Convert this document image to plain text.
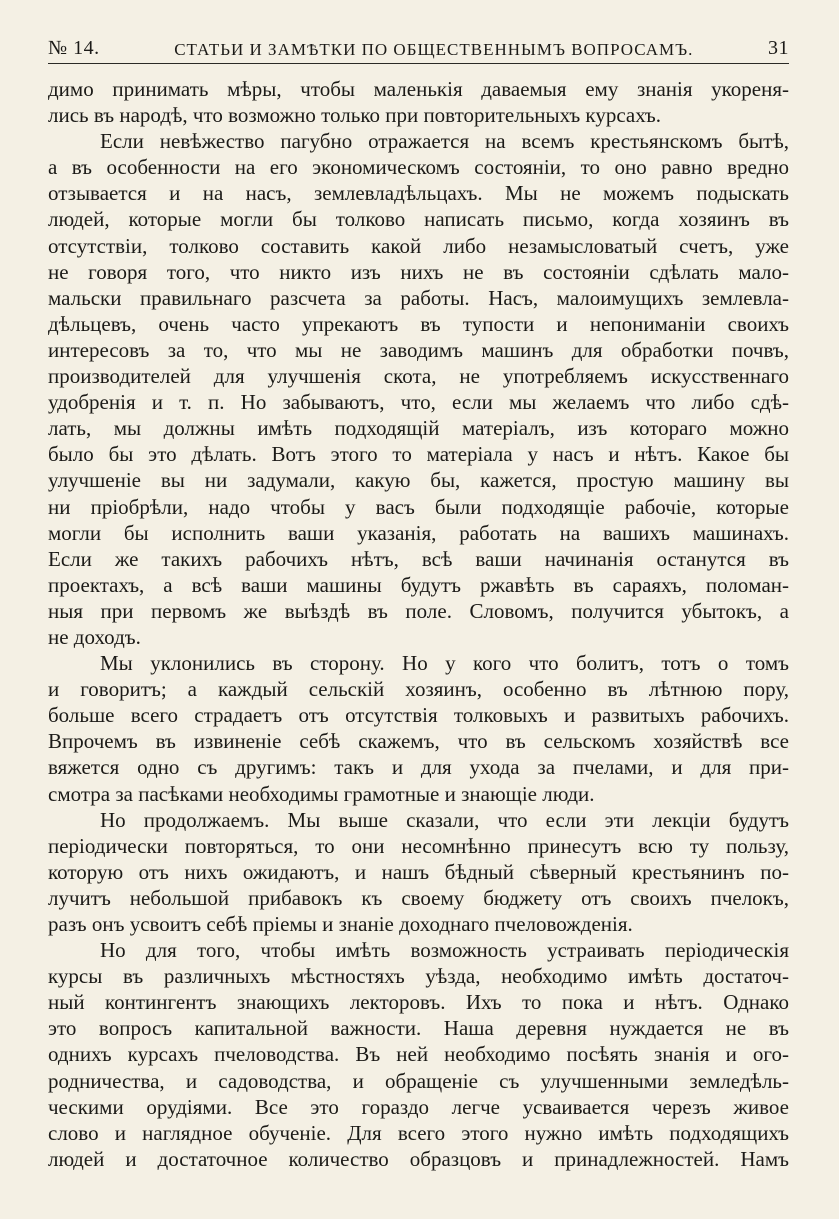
№ 14.	СТАТЬИ И ЗАМѢТКИ ПО ОБЩЕСТВЕННЫМЪ ВОПРОСАМЪ.	31
димо принимать мѣры, чтобы маленькія даваемыя ему знанія укореня-
лись въ народѣ, что возможно только при повторительныхъ курсахъ.
Если невѣжество пагубно отражается на всемъ крестьянскомъ бытѣ,
а въ особенности на его экономическомъ состояніи, то оно равно вредно
отзывается и на насъ, землевладѣльцахъ. Мы не можемъ подыскать
людей, которые могли бы толково написать письмо, когда хозяинъ въ
отсутствіи, толково составить какой либо незамысловатый счетъ, уже
не говоря того, что никто изъ нихъ не въ состояніи сдѣлать мало-
мальски правильнаго разсчета за работы. Насъ, малоимущихъ землевла-
дѣльцевъ, очень часто упрекаютъ въ тупости и непониманіи своихъ
интересовъ за то, что мы не заводимъ машинъ для обработки почвъ,
производителей для улучшенія скота, не употребляемъ искусственнаго
удобренія и т. п. Но забываютъ, что, если мы желаемъ что либо сдѣ-
лать, мы должны имѣть подходящій матеріалъ, изъ котораго можно
было бы это дѣлать. Вотъ этого то матеріала у насъ и нѣтъ. Какое бы
улучшеніе вы ни задумали, какую бы, кажется, простую машину вы
ни пріобрѣли, надо чтобы у васъ были подходящіе рабочіе, которые
могли бы исполнить ваши указанія, работать на вашихъ машинахъ.
Если же такихъ рабочихъ нѣтъ, всѣ ваши начинанія останутся въ
проектахъ, а всѣ ваши машины будутъ ржавѣть въ сараяхъ, полoман-
ныя при первомъ же выѣздѣ въ поле. Словомъ, получится убытокъ, а
не доходъ.
Мы уклонились въ сторону. Но у кого что болитъ, тотъ о томъ
и говоритъ; а каждый сельскій хозяинъ, особенно въ лѣтнюю пору,
больше всего страдаетъ отъ отсутствія толковыхъ и развитыхъ рабочихъ.
Впрочемъ въ извиненіе себѣ скажемъ, что въ сельскомъ хозяйствѣ все
вяжется одно съ другимъ: такъ и для ухода за пчелами, и для при-
смотра за пасѣками необходимы грамотные и знающіе люди.
Но продолжаемъ. Мы выше сказали, что если эти лекціи будутъ
періодически повторяться, то они несомнѣнно принесутъ всю ту пользу,
которую отъ нихъ ожидаютъ, и нашъ бѣдный сѣверный крестьянинъ по-
лучитъ небольшой прибавокъ къ своему бюджету отъ своихъ пчелокъ,
разъ онъ усвоитъ себѣ пріемы и знаніе доходнаго пчеловожденія.
Но для того, чтобы имѣть возможность устраивать періодическія
курсы въ различныхъ мѣстностяхъ уѣзда, необходимо имѣть достаточ-
ный контингентъ знающихъ лекторовъ. Ихъ то пока и нѣтъ. Однако
это вопросъ капитальной важности. Наша деревня нуждается не въ
однихъ курсахъ пчеловодства. Въ ней необходимо посѣять знанія и ого-
родничества, и садоводства, и обращеніе съ улучшенными земледѣль-
ческими орудіями. Все это гораздо легче усваивается черезъ живое
слово и наглядное обученіе. Для всего этого нужно имѣть подходящихъ
людей и достаточное количество образцовъ и принадлежностей. Намъ
